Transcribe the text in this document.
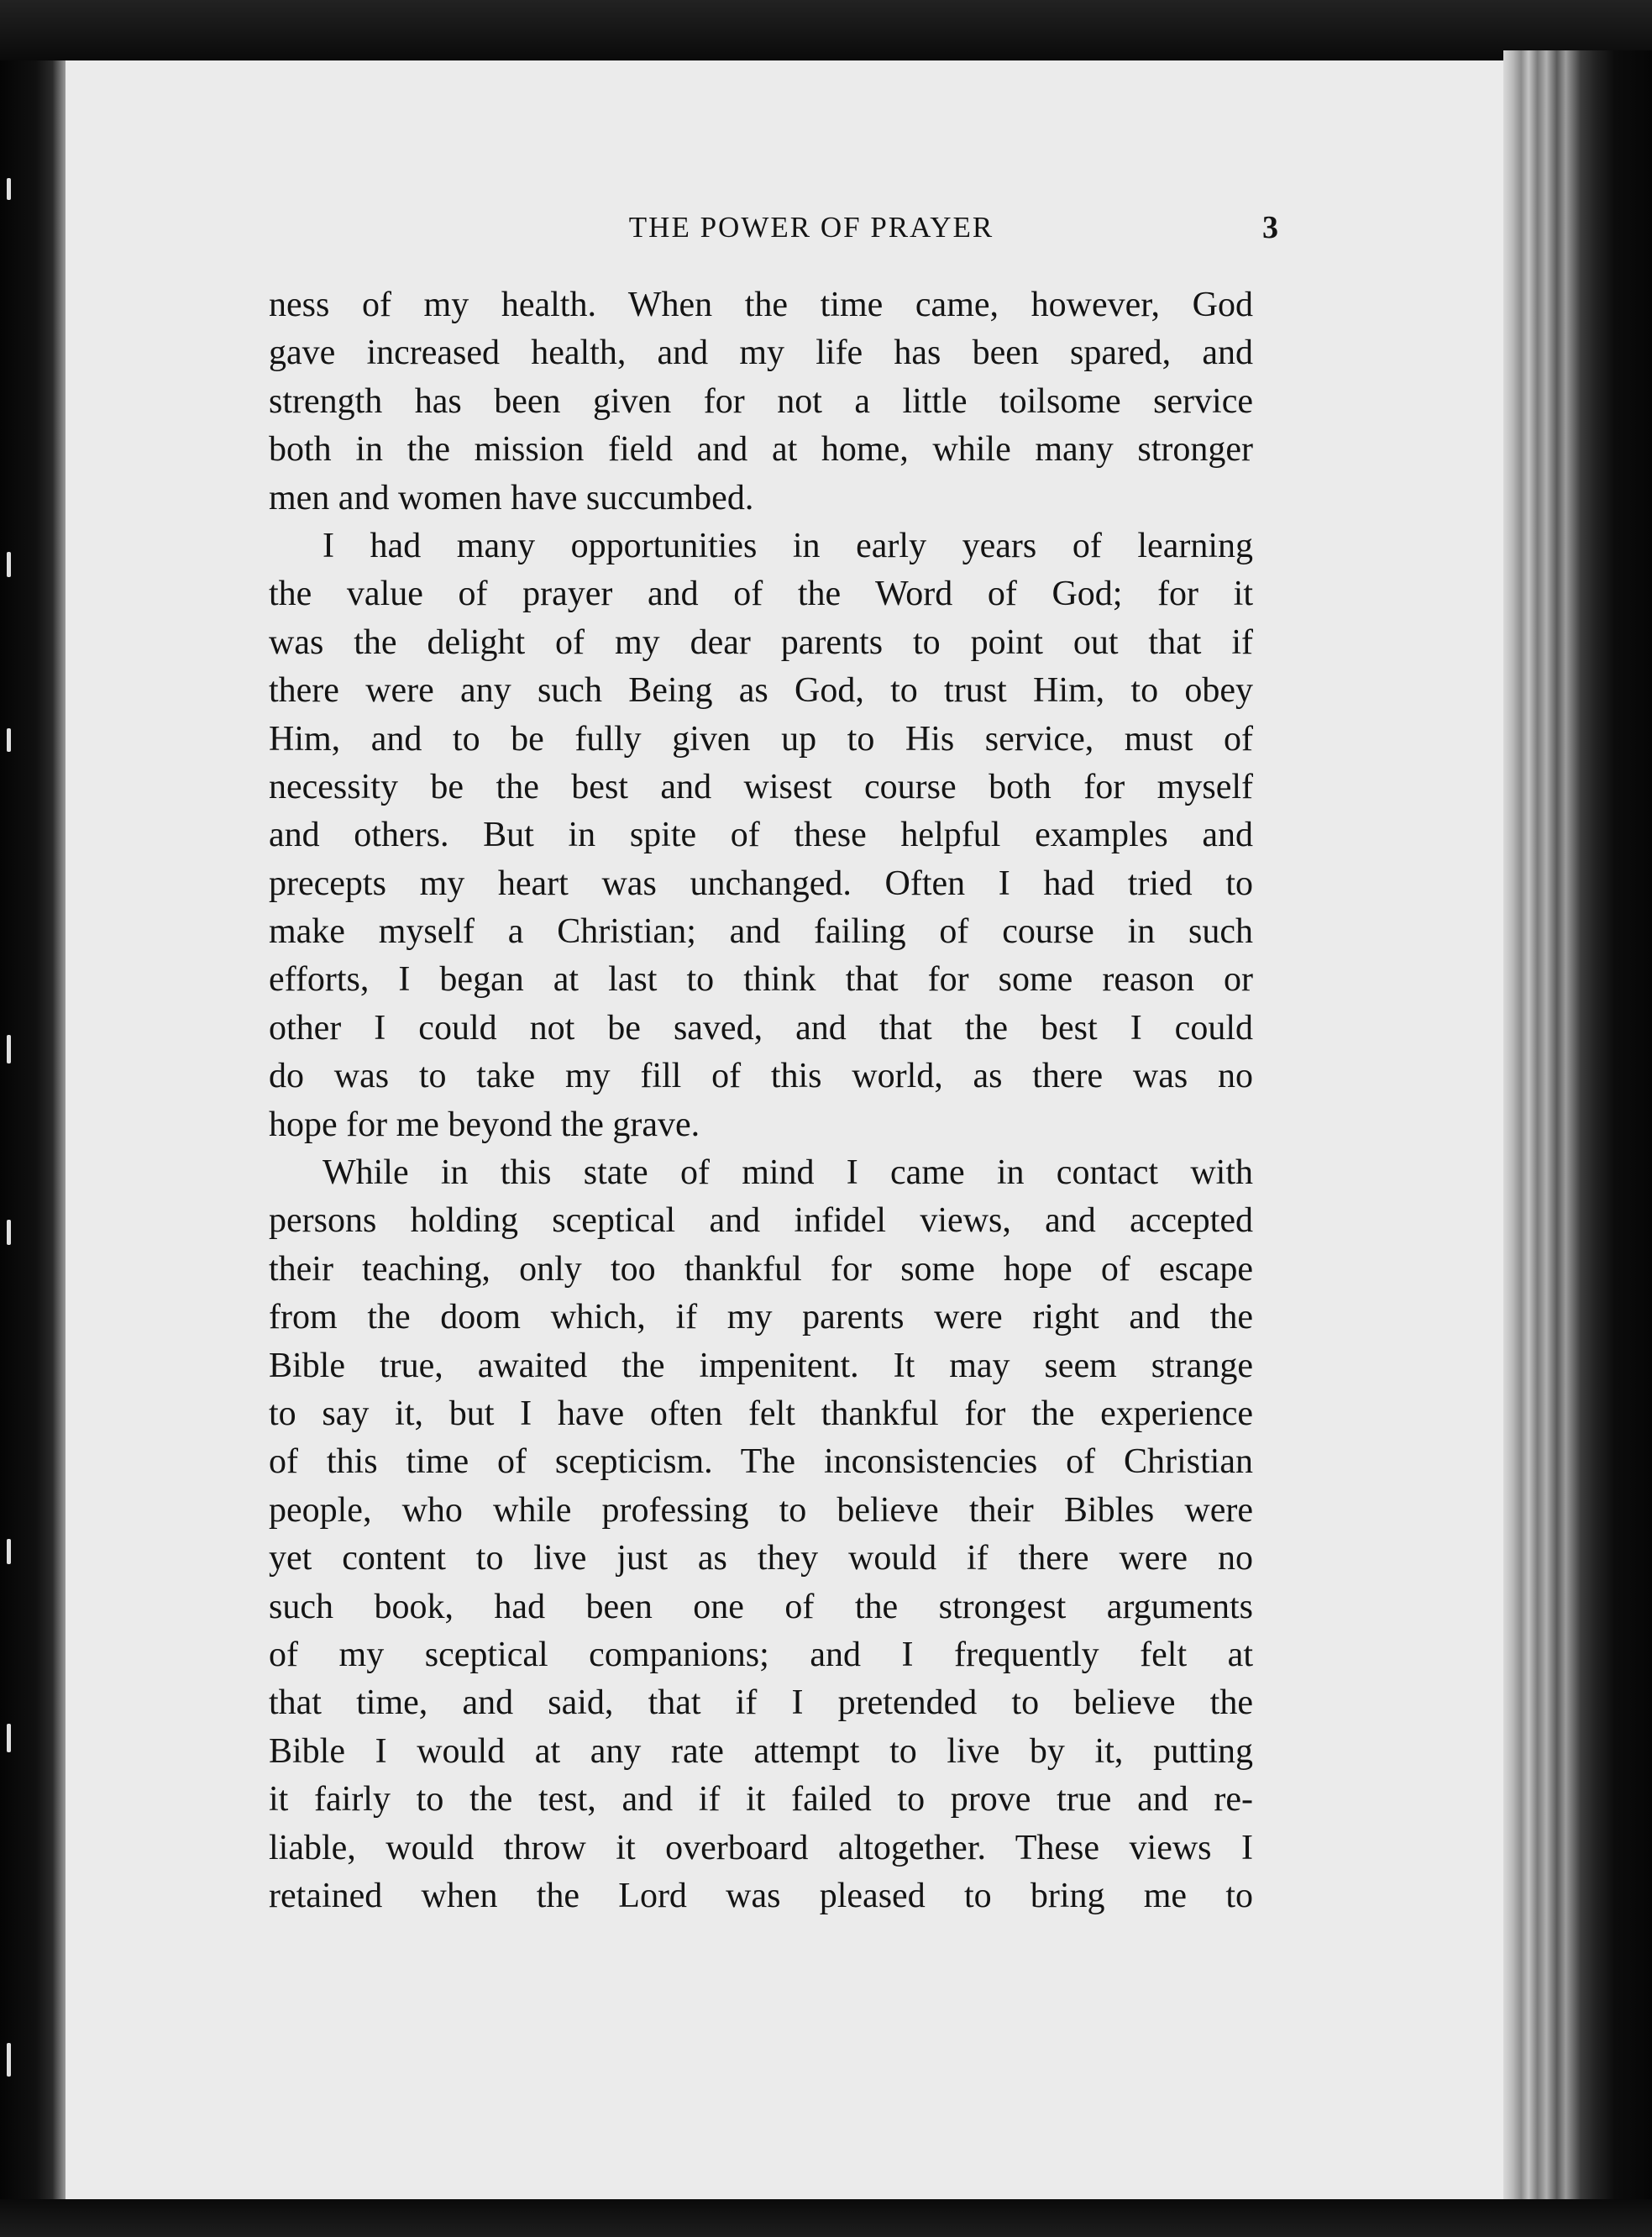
THE POWER OF PRAYER	3
ness of my health. When the time came, however, God
gave increased health, and my life has been spared, and
strength has been given for not a little toilsome service
both in the mission field and at home, while many stronger
men and women have succumbed.
I had many opportunities in early years of learning
the value of prayer and of the Word of God; for it
was the delight of my dear parents to point out that if
there were any such Being as God, to trust Him, to obey
Him, and to be fully given up to His service, must of
necessity be the best and wisest course both for myself
and others. But in spite of these helpful examples and
precepts my heart was unchanged. Often I had tried to
make myself a Christian; and failing of course in such
efforts, I began at last to think that for some reason or
other I could not be saved, and that the best I could
do was to take my fill of this world, as there was no
hope for me beyond the grave.
While in this state of mind I came in contact with
persons holding sceptical and infidel views, and accepted
their teaching, only too thankful for some hope of escape
from the doom which, if my parents were right and the
Bible true, awaited the impenitent. It may seem strange
to say it, but I have often felt thankful for the experience
of this time of scepticism. The inconsistencies of Christian
people, who while professing to believe their Bibles were
yet content to live just as they would if there were no
such book, had been one of the strongest arguments
of my sceptical companions; and I frequently felt at
that time, and said, that if I pretended to believe the
Bible I would at any rate attempt to live by it, putting
it fairly to the test, and if it failed to prove true and re-
liable, would throw it overboard altogether. These views I
retained when the Lord was pleased to bring me to
